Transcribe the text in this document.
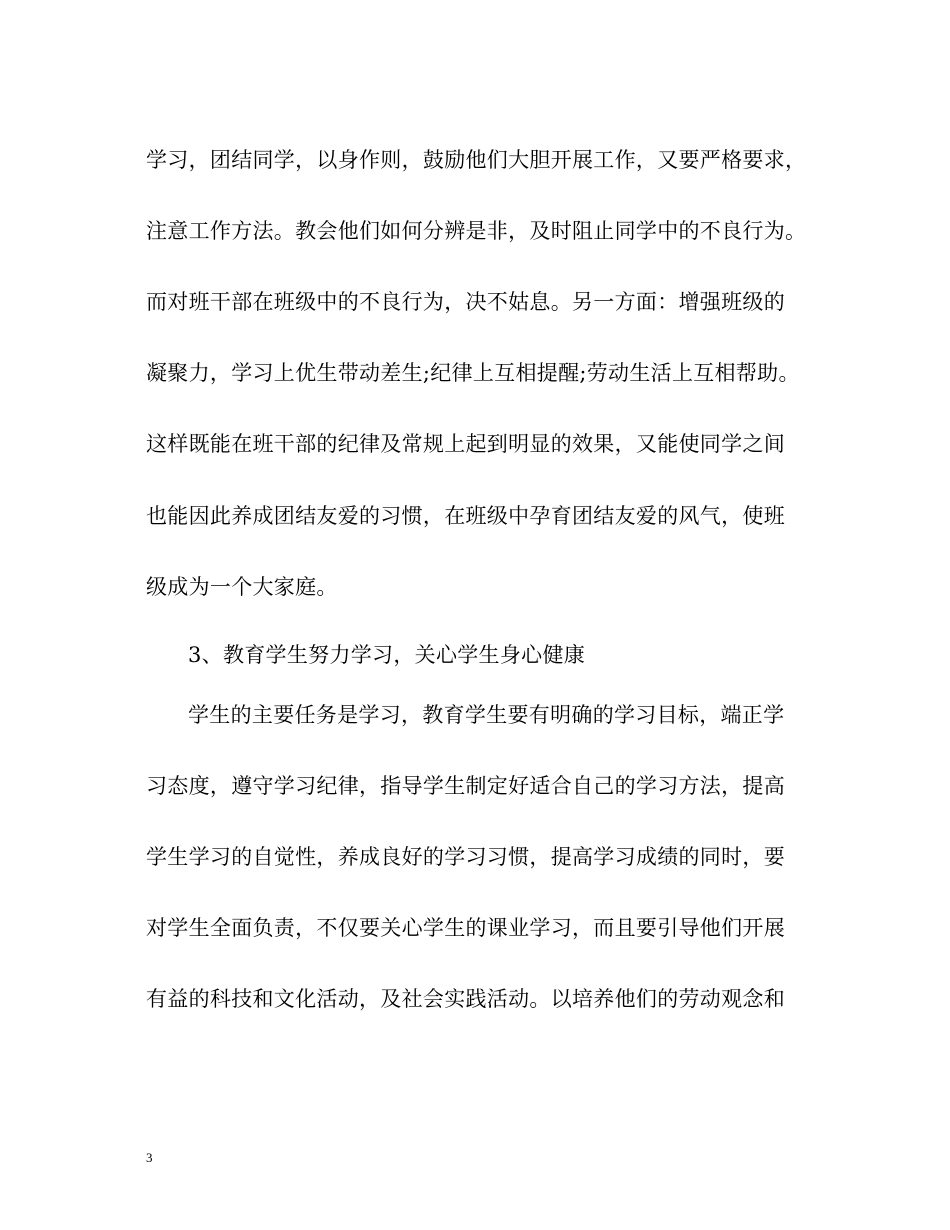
学习，团结同学，以身作则，鼓励他们大胆开展工作，又要严格要求，
注意工作方法。教会他们如何分辨是非，及时阻止同学中的不良行为。
而对班干部在班级中的不良行为，决不姑息。另一方面：增强班级的
凝聚力，学习上优生带动差生;纪律上互相提醒;劳动生活上互相帮助。
这样既能在班干部的纪律及常规上起到明显的效果，又能使同学之间
也能因此养成团结友爱的习惯，在班级中孕育团结友爱的风气，使班
级成为一个大家庭。
3、教育学生努力学习，关心学生身心健康
学生的主要任务是学习，教育学生要有明确的学习目标，端正学
习态度，遵守学习纪律，指导学生制定好适合自己的学习方法，提高
学生学习的自觉性，养成良好的学习习惯，提高学习成绩的同时，要
对学生全面负责，不仅要关心学生的课业学习，而且要引导他们开展
有益的科技和文化活动，及社会实践活动。以培养他们的劳动观念和
3
